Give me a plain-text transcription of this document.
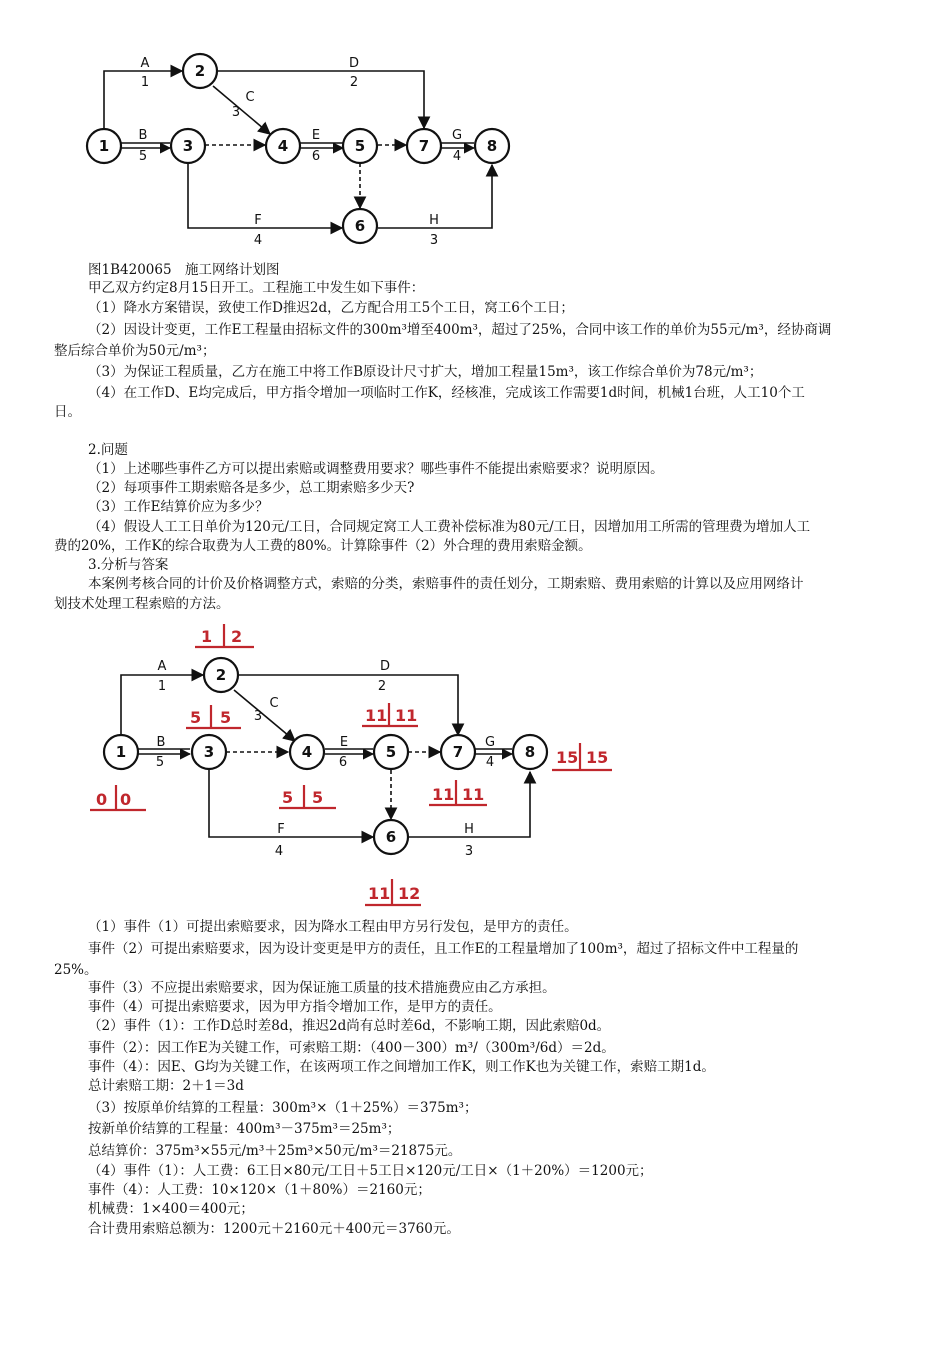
A
1
D
2
C
3
B
5
E
6
G
4
F
4
H
3
1
2
3	4	5
6
7	8
图1B420065　施工网络计划图
甲乙双方约定8月15日开工。工程施工中发生如下事件：
（1）降水方案错误，致使工作D推迟2d，乙方配合用工5个工日，窝工6个工日；
（2）因设计变更，工作E工程量由招标文件的300m³增至400m³，超过了25%，合同中该工作的单价为55元/m³，经协商调
整后综合单价为50元/m³；
（3）为保证工程质量，乙方在施工中将工作B原设计尺寸扩大，增加工程量15m³，该工作综合单价为78元/m³；
（4）在工作D、E均完成后，甲方指令增加一项临时工作K，经核准，完成该工作需要1d时间，机械1台班，人工10个工
日。
2.问题
（1）上述哪些事件乙方可以提出索赔或调整费用要求？哪些事件不能提出索赔要求？说明原因。
（2）每项事件工期索赔各是多少，总工期索赔多少天?
（3）工作E结算价应为多少？
（4）假设人工工日单价为120元/工日，合同规定窝工人工费补偿标准为80元/工日，因增加用工所需的管理费为增加人工
费的20%，工作K的综合取费为人工费的80%。计算除事件（2）外合理的费用索赔金额。
3.分析与答案
本案例考核合同的计价及价格调整方式，索赔的分类，索赔事件的责任划分，工期索赔、费用索赔的计算以及应用网络计
划技术处理工程索赔的方法。
A
1
D
2
C
3
B
5
E
6
G
4
F
4
H
3
1
2
3	4	5
6
7	8
0 0
1 2
5 5
5 5
11 11
11 12
11 11
15 15
（1）事件（1）可提出索赔要求，因为降水工程由甲方另行发包，是甲方的责任。
事件（2）可提出索赔要求，因为设计变更是甲方的责任，且工作E的工程量增加了100m³，超过了招标文件中工程量的
25%。
事件（3）不应提出索赔要求，因为保证施工质量的技术措施费应由乙方承担。
事件（4）可提出索赔要求，因为甲方指令增加工作，是甲方的责任。
（2）事件（1）：工作D总时差8d，推迟2d尚有总时差6d，不影响工期，因此索赔0d。
事件（2）：因工作E为关键工作，可索赔工期：（400－300）m³/（300m³/6d）＝2d。
事件（4）：因E、G均为关键工作，在该两项工作之间增加工作K，则工作K也为关键工作，索赔工期1d。
总计索赔工期：2＋1＝3d
（3）按原单价结算的工程量：300m³×（1＋25%）＝375m³；
按新单价结算的工程量：400m³－375m³＝25m³；
总结算价：375m³×55元/m³＋25m³×50元/m³＝21875元。
（4）事件（1）：人工费：6工日×80元/工日＋5工日×120元/工日×（1＋20%）＝1200元；
事件（4）：人工费：10×120×（1＋80%）＝2160元；
机械费：1×400＝400元；
合计费用索赔总额为：1200元＋2160元＋400元＝3760元。
